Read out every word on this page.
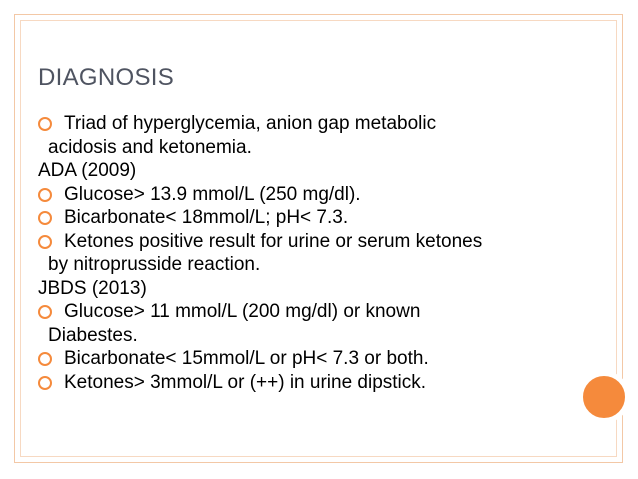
DIAGNOSIS
Triad of hyperglycemia, anion gap metabolic
acidosis and ketonemia.
ADA (2009)
Glucose> 13.9 mmol/L (250 mg/dl).
Bicarbonate< 18mmol/L; pH< 7.3.
Ketones positive result for urine or serum ketones
by nitroprusside reaction.
JBDS (2013)
Glucose> 11 mmol/L (200 mg/dl) or known
Diabestes.
Bicarbonate< 15mmol/L or pH< 7.3 or both.
Ketones> 3mmol/L or (++) in urine dipstick.
